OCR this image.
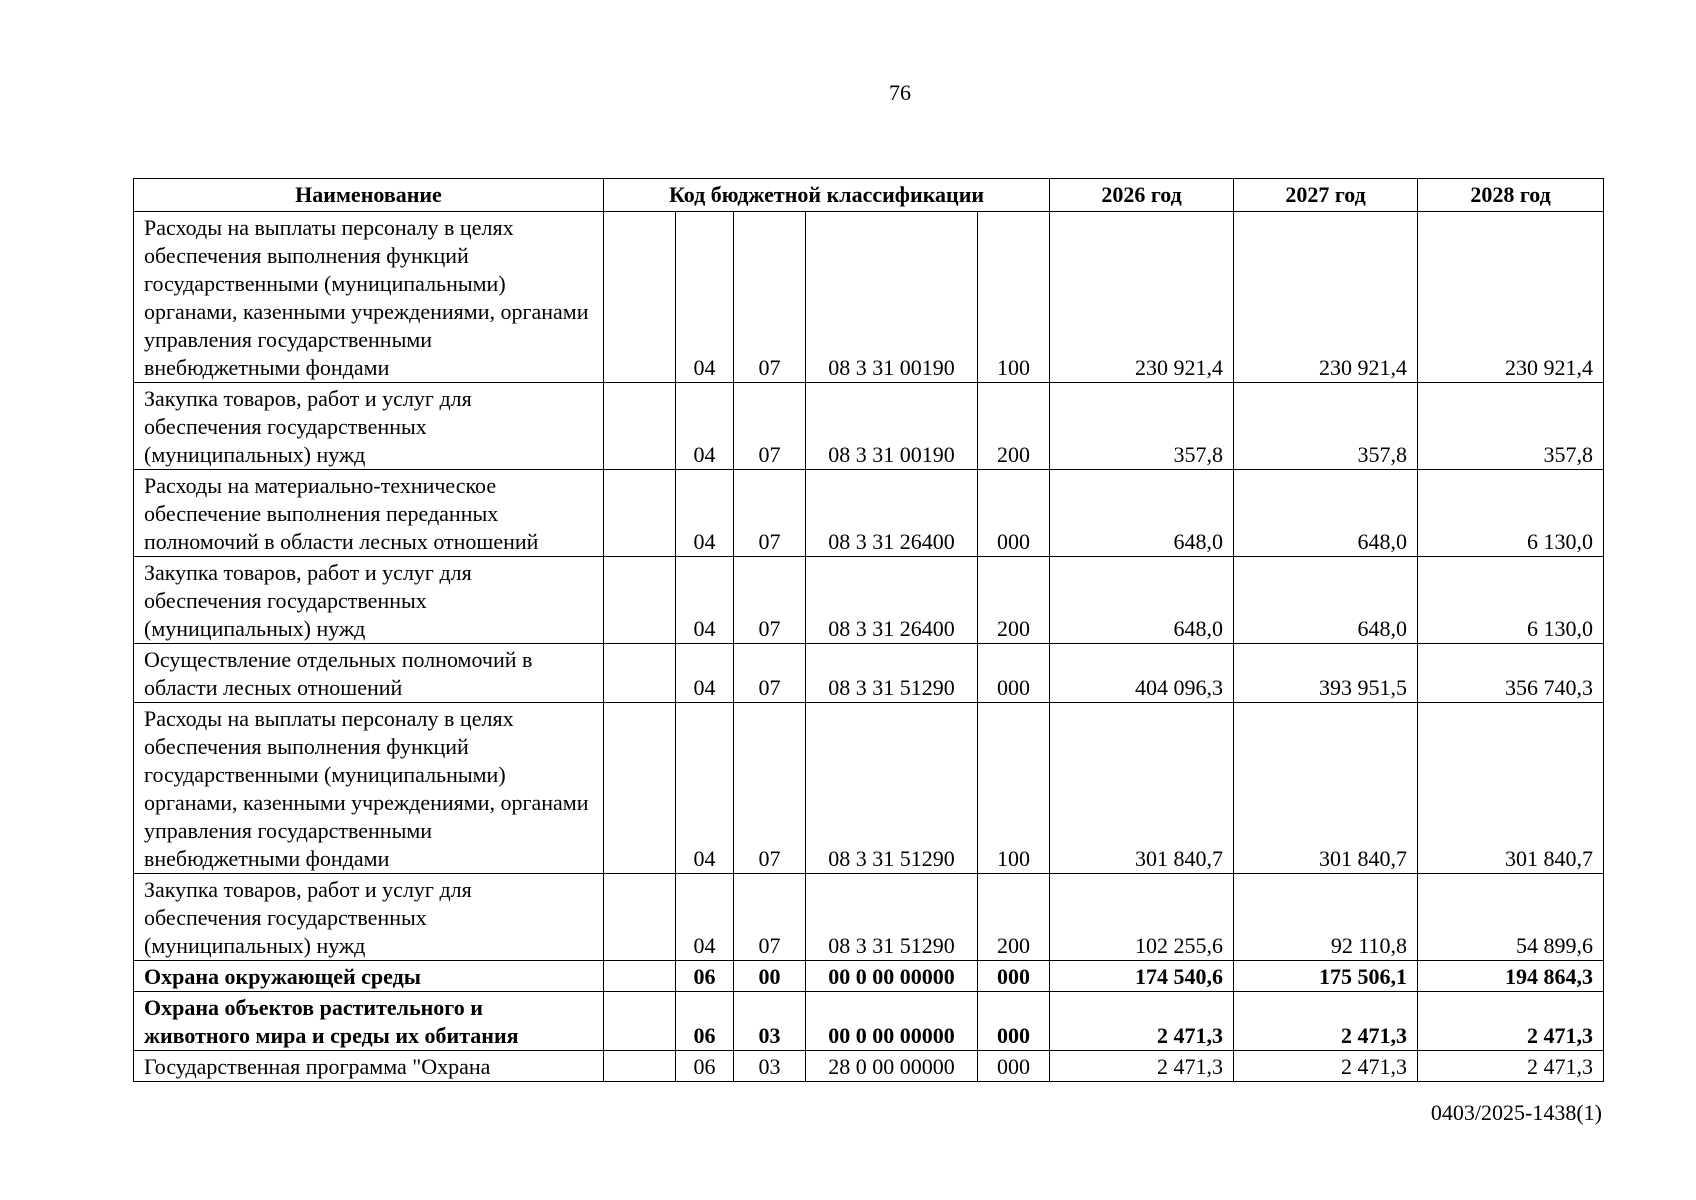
76
Наименование	Код бюджетной классификации					2026 год	2027 год	2028 год
Расходы на выплаты персоналу в целях обеспечения выполнения функций государственными (муниципальными) органами, казенными учреждениями, органами управления государственными внебюджетными фондами		04	07	08 3 31 00190	100	230 921,4	230 921,4	230 921,4
Закупка товаров, работ и услуг для обеспечения государственных (муниципальных) нужд		04	07	08 3 31 00190	200	357,8	357,8	357,8
Расходы на материально-техническое обеспечение выполнения переданных полномочий в области лесных отношений		04	07	08 3 31 26400	000	648,0	648,0	6 130,0
Закупка товаров, работ и услуг для обеспечения государственных (муниципальных) нужд		04	07	08 3 31 26400	200	648,0	648,0	6 130,0
Осуществление отдельных полномочий в области лесных отношений		04	07	08 3 31 51290	000	404 096,3	393 951,5	356 740,3
Расходы на выплаты персоналу в целях обеспечения выполнения функций государственными (муниципальными) органами, казенными учреждениями, органами управления государственными внебюджетными фондами		04	07	08 3 31 51290	100	301 840,7	301 840,7	301 840,7
Закупка товаров, работ и услуг для обеспечения государственных (муниципальных) нужд		04	07	08 3 31 51290	200	102 255,6	92 110,8	54 899,6
Охрана окружающей среды		06	00	00 0 00 00000	000	174 540,6	175 506,1	194 864,3
Охрана объектов растительного и животного мира и среды их обитания		06	03	00 0 00 00000	000	2 471,3	2 471,3	2 471,3
Государственная программа "Охрана		06	03	28 0 00 00000	000	2 471,3	2 471,3	2 471,3
0403/2025-1438(1)
